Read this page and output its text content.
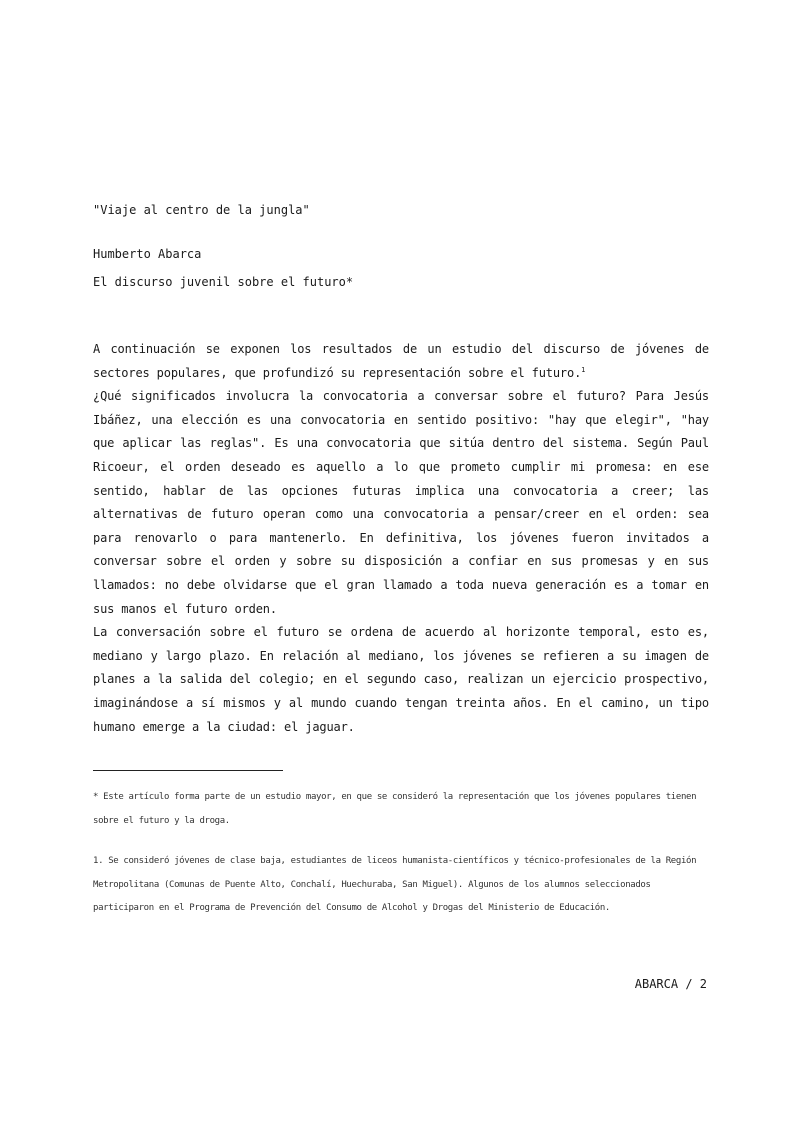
"Viaje al centro de la jungla"

El discurso juvenil sobre el futuro*

Humberto Abarca

A continuación se exponen los resultados de un estudio del discurso de jóvenes de sectores populares, que profundizó su representación sobre el futuro.$^1$

¿Qué significados involucra la convocatoria a conversar sobre el futuro? Para Jesús Ibáñez, una elección es una convocatoria en sentido positivo: "hay que elegir", "hay que aplicar las reglas". Es una convocatoria que sitúa dentro del sistema. Según Paul Ricoeur, el orden deseado es aquello a lo que prometo cumplir mi promesa: en ese sentido, hablar de las opciones futuras implica una convocatoria a creer; las alternativas de futuro operan como una convocatoria a pensar/creer en el orden: sea para renovarlo o para mantenerlo. En definitiva, los jóvenes fueron invitados a conversar sobre el orden y sobre su disposición a confiar en sus promesas y en sus llamados: no debe olvidarse que el gran llamado a toda nueva generación es a tomar en sus manos el futuro orden.

La conversación sobre el futuro se ordena de acuerdo al horizonte temporal, esto es, mediano y largo plazo. En relación al mediano, los jóvenes se refieren a su imagen de planes a la salida del colegio; en el segundo caso, realizan un ejercicio prospectivo, imaginándose a sí mismos y al mundo cuando tengan treinta años. En el camino, un tipo humano emerge a la ciudad: el jaguar.

* Este artículo forma parte de un estudio mayor, en que se consideró la representación que los jóvenes populares tienen sobre el futuro y la droga.

1. Se consideró jóvenes de clase baja, estudiantes de liceos humanista-científicos y técnico-profesionales de la Región Metropolitana (Comunas de Puente Alto, Conchalí, Huechuraba, San Miguel). Algunos de los alumnos seleccionados participaron en el Programa de Prevención del Consumo de Alcohol y Drogas del Ministerio de Educación.

ABARCA / 2
